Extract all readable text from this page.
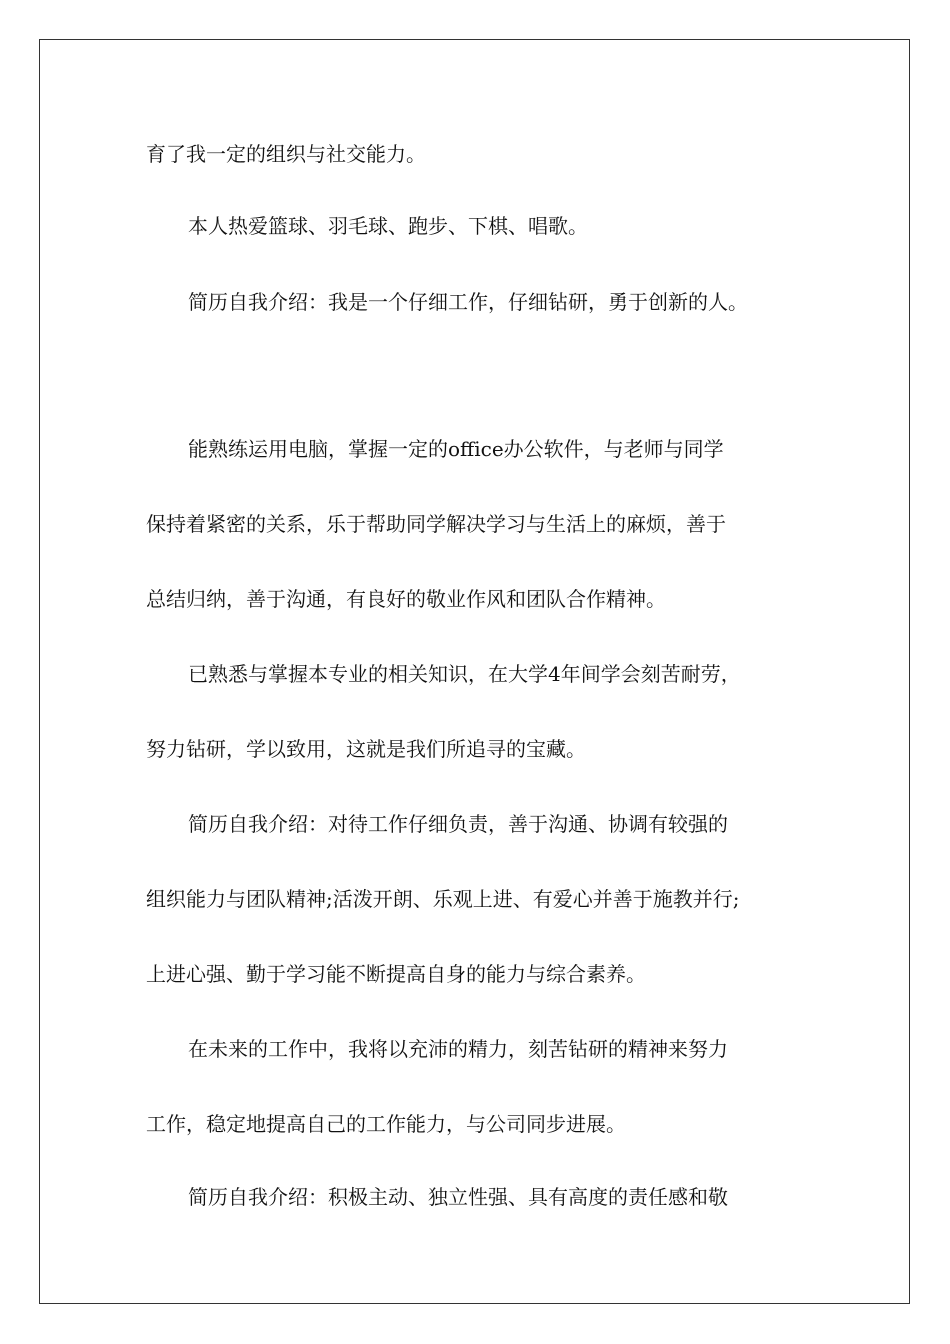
育了我一定的组织与社交能力。
本人热爱篮球、羽毛球、跑步、下棋、唱歌。
简历自我介绍：我是一个仔细工作，仔细钻研，勇于创新的人。
能熟练运用电脑，掌握一定的office办公软件，与老师与同学
保持着紧密的关系，乐于帮助同学解决学习与生活上的麻烦，善于
总结归纳，善于沟通，有良好的敬业作风和团队合作精神。
已熟悉与掌握本专业的相关知识，在大学4年间学会刻苦耐劳，
努力钻研，学以致用，这就是我们所追寻的宝藏。
简历自我介绍：对待工作仔细负责，善于沟通、协调有较强的
组织能力与团队精神;活泼开朗、乐观上进、有爱心并善于施教并行;
上进心强、勤于学习能不断提高自身的能力与综合素养。
在未来的工作中，我将以充沛的精力，刻苦钻研的精神来努力
工作，稳定地提高自己的工作能力，与公司同步进展。
简历自我介绍：积极主动、独立性强、具有高度的责任感和敬
